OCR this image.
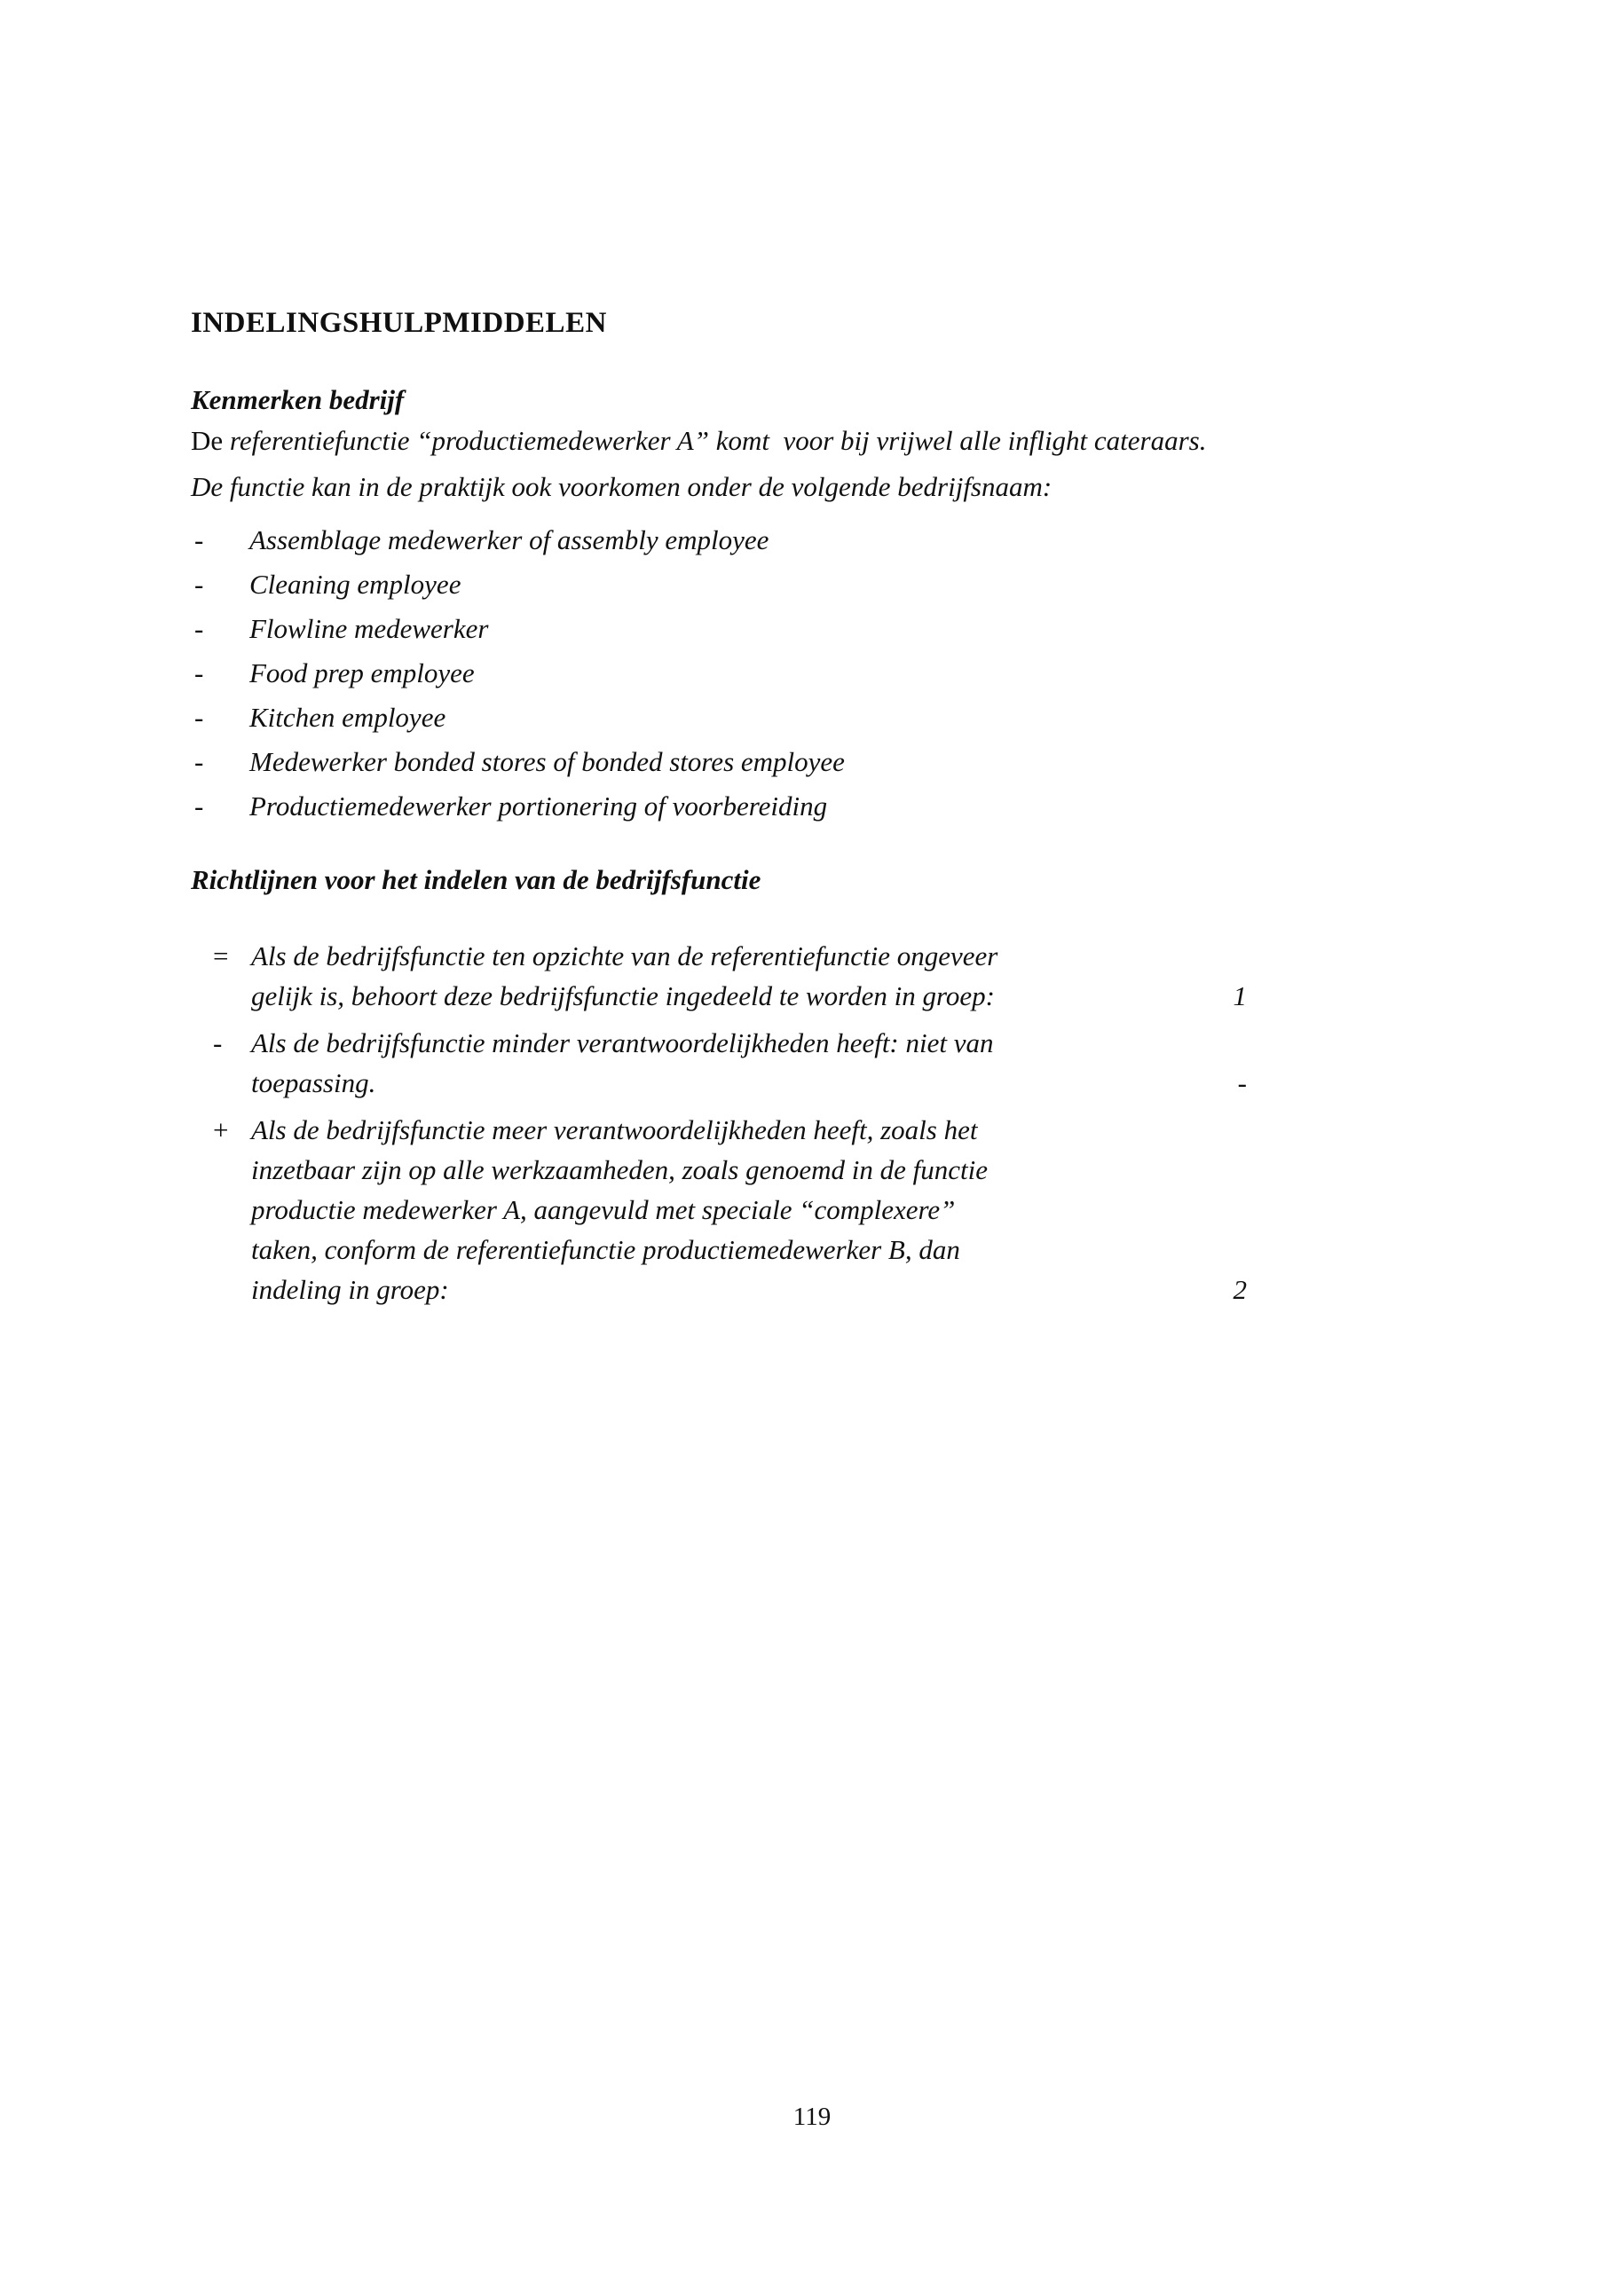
INDELINGSHULPMIDDELEN
Kenmerken bedrijf
De referentiefunctie “productiemedewerker A” komt  voor bij vrijwel alle inflight cateraars.
De functie kan in de praktijk ook voorkomen onder de volgende bedrijfsnaam:
-	Assemblage medewerker of assembly employee
-	Cleaning employee
-	Flowline medewerker
-	Food prep employee
-	Kitchen employee
-	Medewerker bonded stores of bonded stores employee
-	Productiemedewerker portionering of voorbereiding
Richtlijnen voor het indelen van de bedrijfsfunctie
= Als de bedrijfsfunctie ten opzichte van de referentiefunctie ongeveer
gelijk is, behoort deze bedrijfsfunctie ingedeeld te worden in groep:	1
-	Als de bedrijfsfunctie minder verantwoordelijkheden heeft: niet van
toepassing.	-
+ Als de bedrijfsfunctie meer verantwoordelijkheden heeft, zoals het
inzetbaar zijn op alle werkzaamheden, zoals genoemd in de functie
productie medewerker A, aangevuld met speciale “complexere”
taken, conform de referentiefunctie productiemedewerker B, dan
indeling in groep:	2
119
